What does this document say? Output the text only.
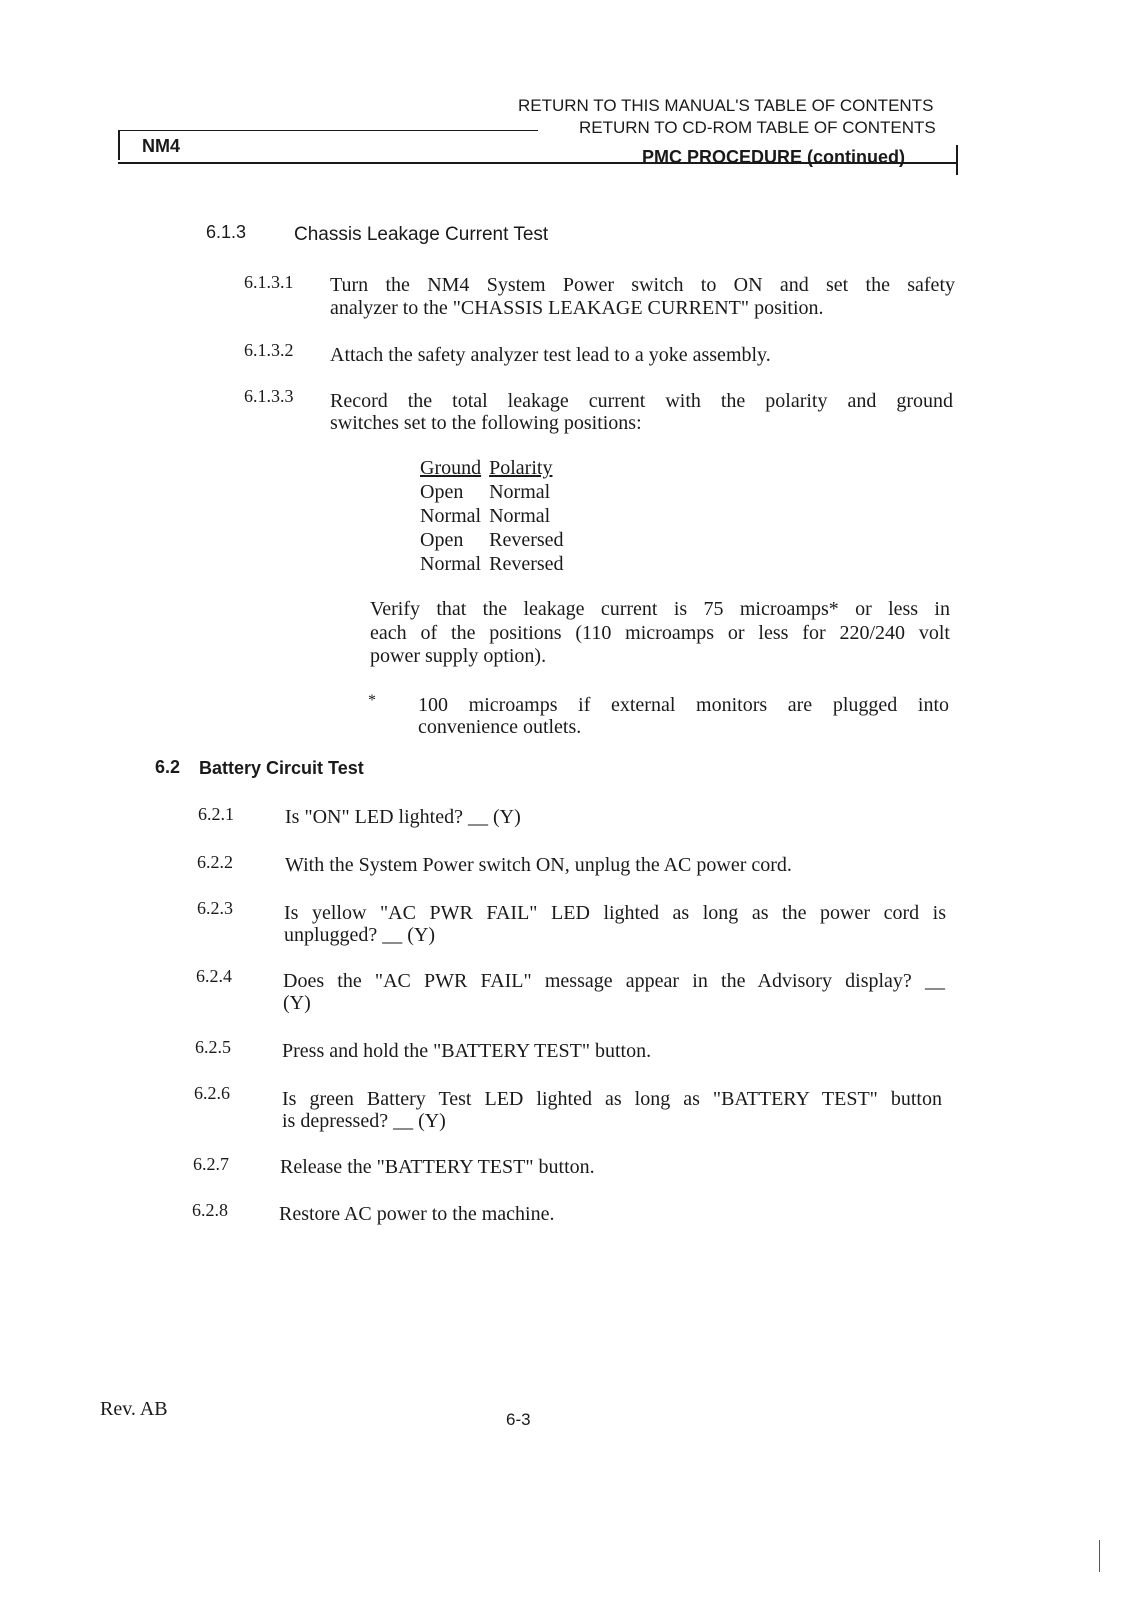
RETURN TO THIS MANUAL'S TABLE OF CONTENTS
RETURN TO CD-ROM TABLE OF CONTENTS
NM4
PMC PROCEDURE (continued)
6.1.3	Chassis Leakage Current Test
6.1.3.1 Turn the NM4 System Power switch to ON and set the safety
analyzer to the "CHASSIS LEAKAGE CURRENT" position.
6.1.3.2 Attach the safety analyzer test lead to a yoke assembly.
6.1.3.3 Record the total leakage current with the polarity and ground
switches set to the following positions:
Ground	Polarity
Open	Normal
Normal	Normal
Open	Reversed
Normal	Reversed
Verify that the leakage current is 75 microamps* or less in
each of the positions (110 microamps or less for 220/240 volt
power supply option).
* 100 microamps if external monitors are plugged into
convenience outlets.
6.2 Battery Circuit Test
6.2.1	Is "ON" LED lighted? __ (Y)
6.2.2	With the System Power switch ON, unplug the AC power cord.
6.2.3	Is yellow "AC PWR FAIL" LED lighted as long as the power cord is
unplugged? __ (Y)
6.2.4	Does the "AC PWR FAIL" message appear in the Advisory display? __
(Y)
6.2.5	Press and hold the "BATTERY TEST" button.
6.2.6	Is green Battery Test LED lighted as long as "BATTERY TEST" button
is depressed? __ (Y)
6.2.7	Release the "BATTERY TEST" button.
6.2.8	Restore AC power to the machine.
Rev. AB	6-3
